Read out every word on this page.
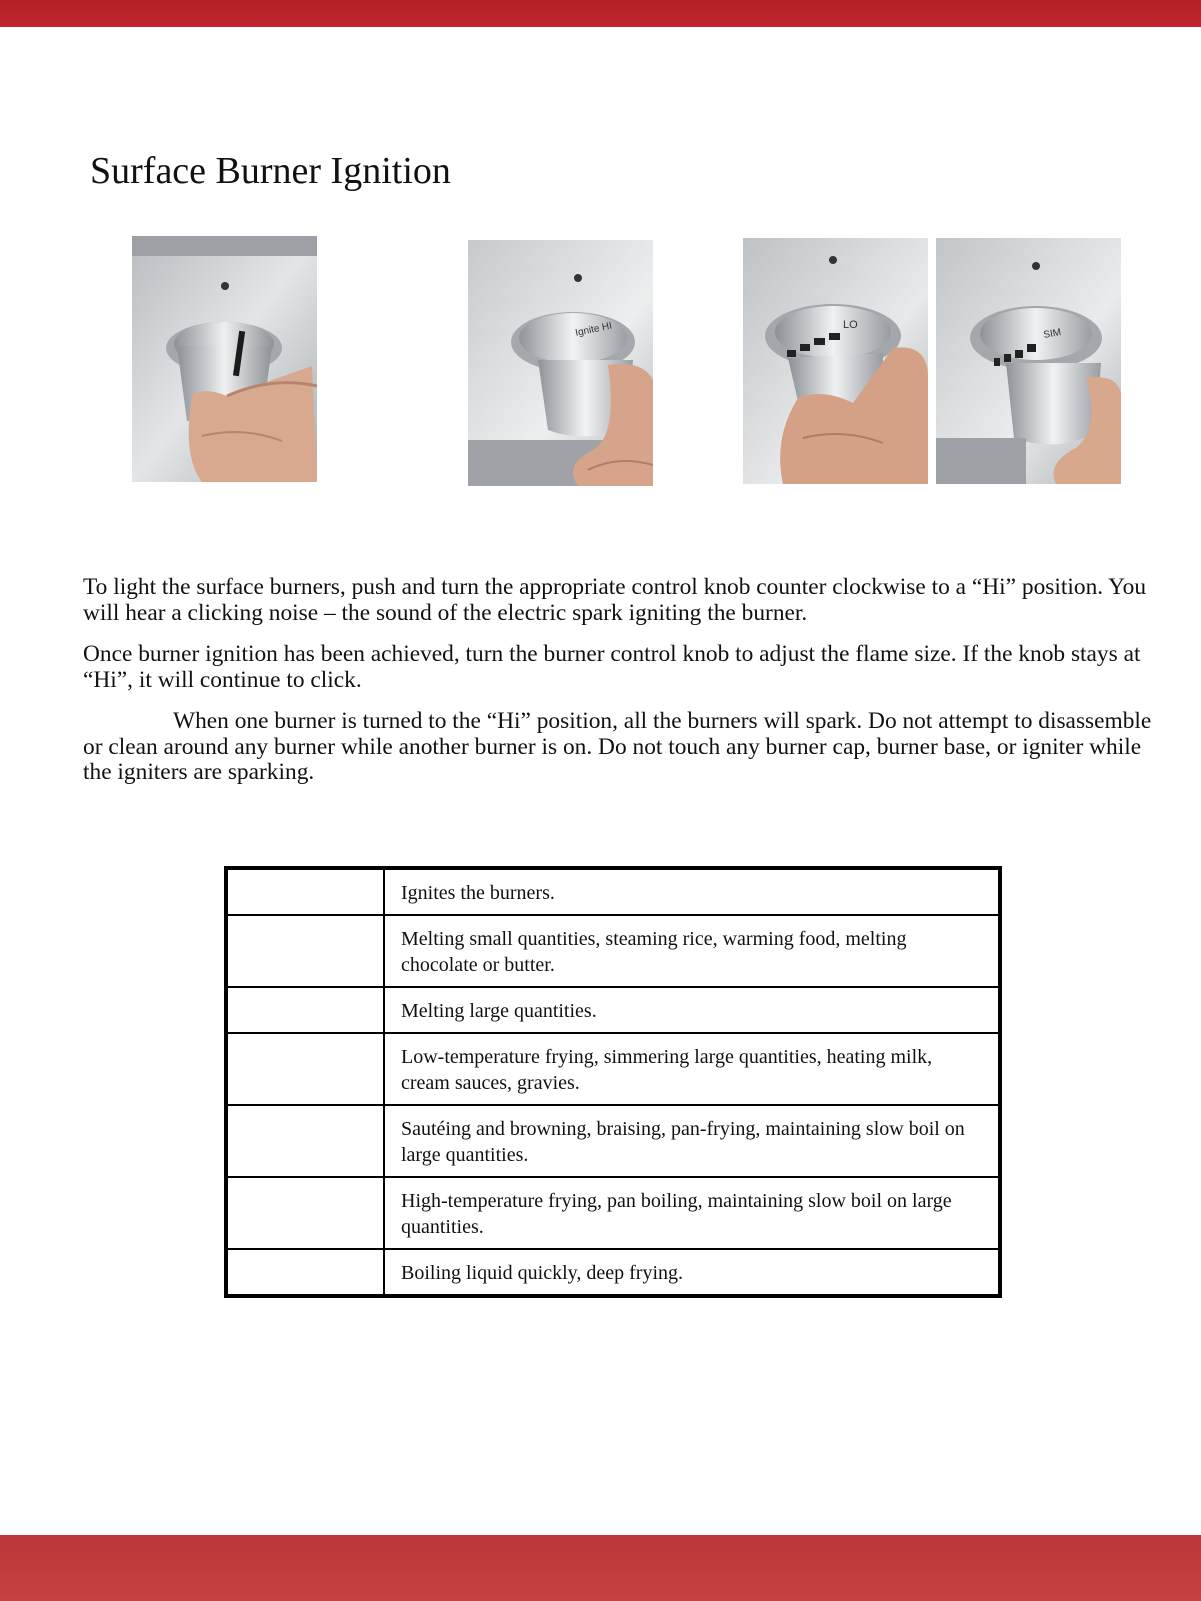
Surface Burner Ignition
Ignite HI	LO
SIM

To light the surface burners, push and turn the appropriate control knob counter clockwise to a “Hi” position. You will hear a clicking noise – the sound of the electric spark igniting the burner.

Once burner ignition has been achieved, turn the burner control knob to adjust the flame size. If the knob stays at “Hi”, it will continue to click.

When one burner is turned to the “Hi” position, all the burners will spark. Do not attempt to disassemble or clean around any burner while another burner is on. Do not touch any burner cap, burner base, or igniter while the igniters are sparking.

	Ignites the burners.
	Melting small quantities, steaming rice, warming food, melting chocolate or butter.
	Melting large quantities.
	Low-temperature frying, simmering large quantities, heating milk, cream sauces, gravies.
	Sautéing and browning, braising, pan-frying, maintaining slow boil on large quantities.
	High-temperature frying, pan boiling, maintaining slow boil on large quantities.
	Boiling liquid quickly, deep frying.
